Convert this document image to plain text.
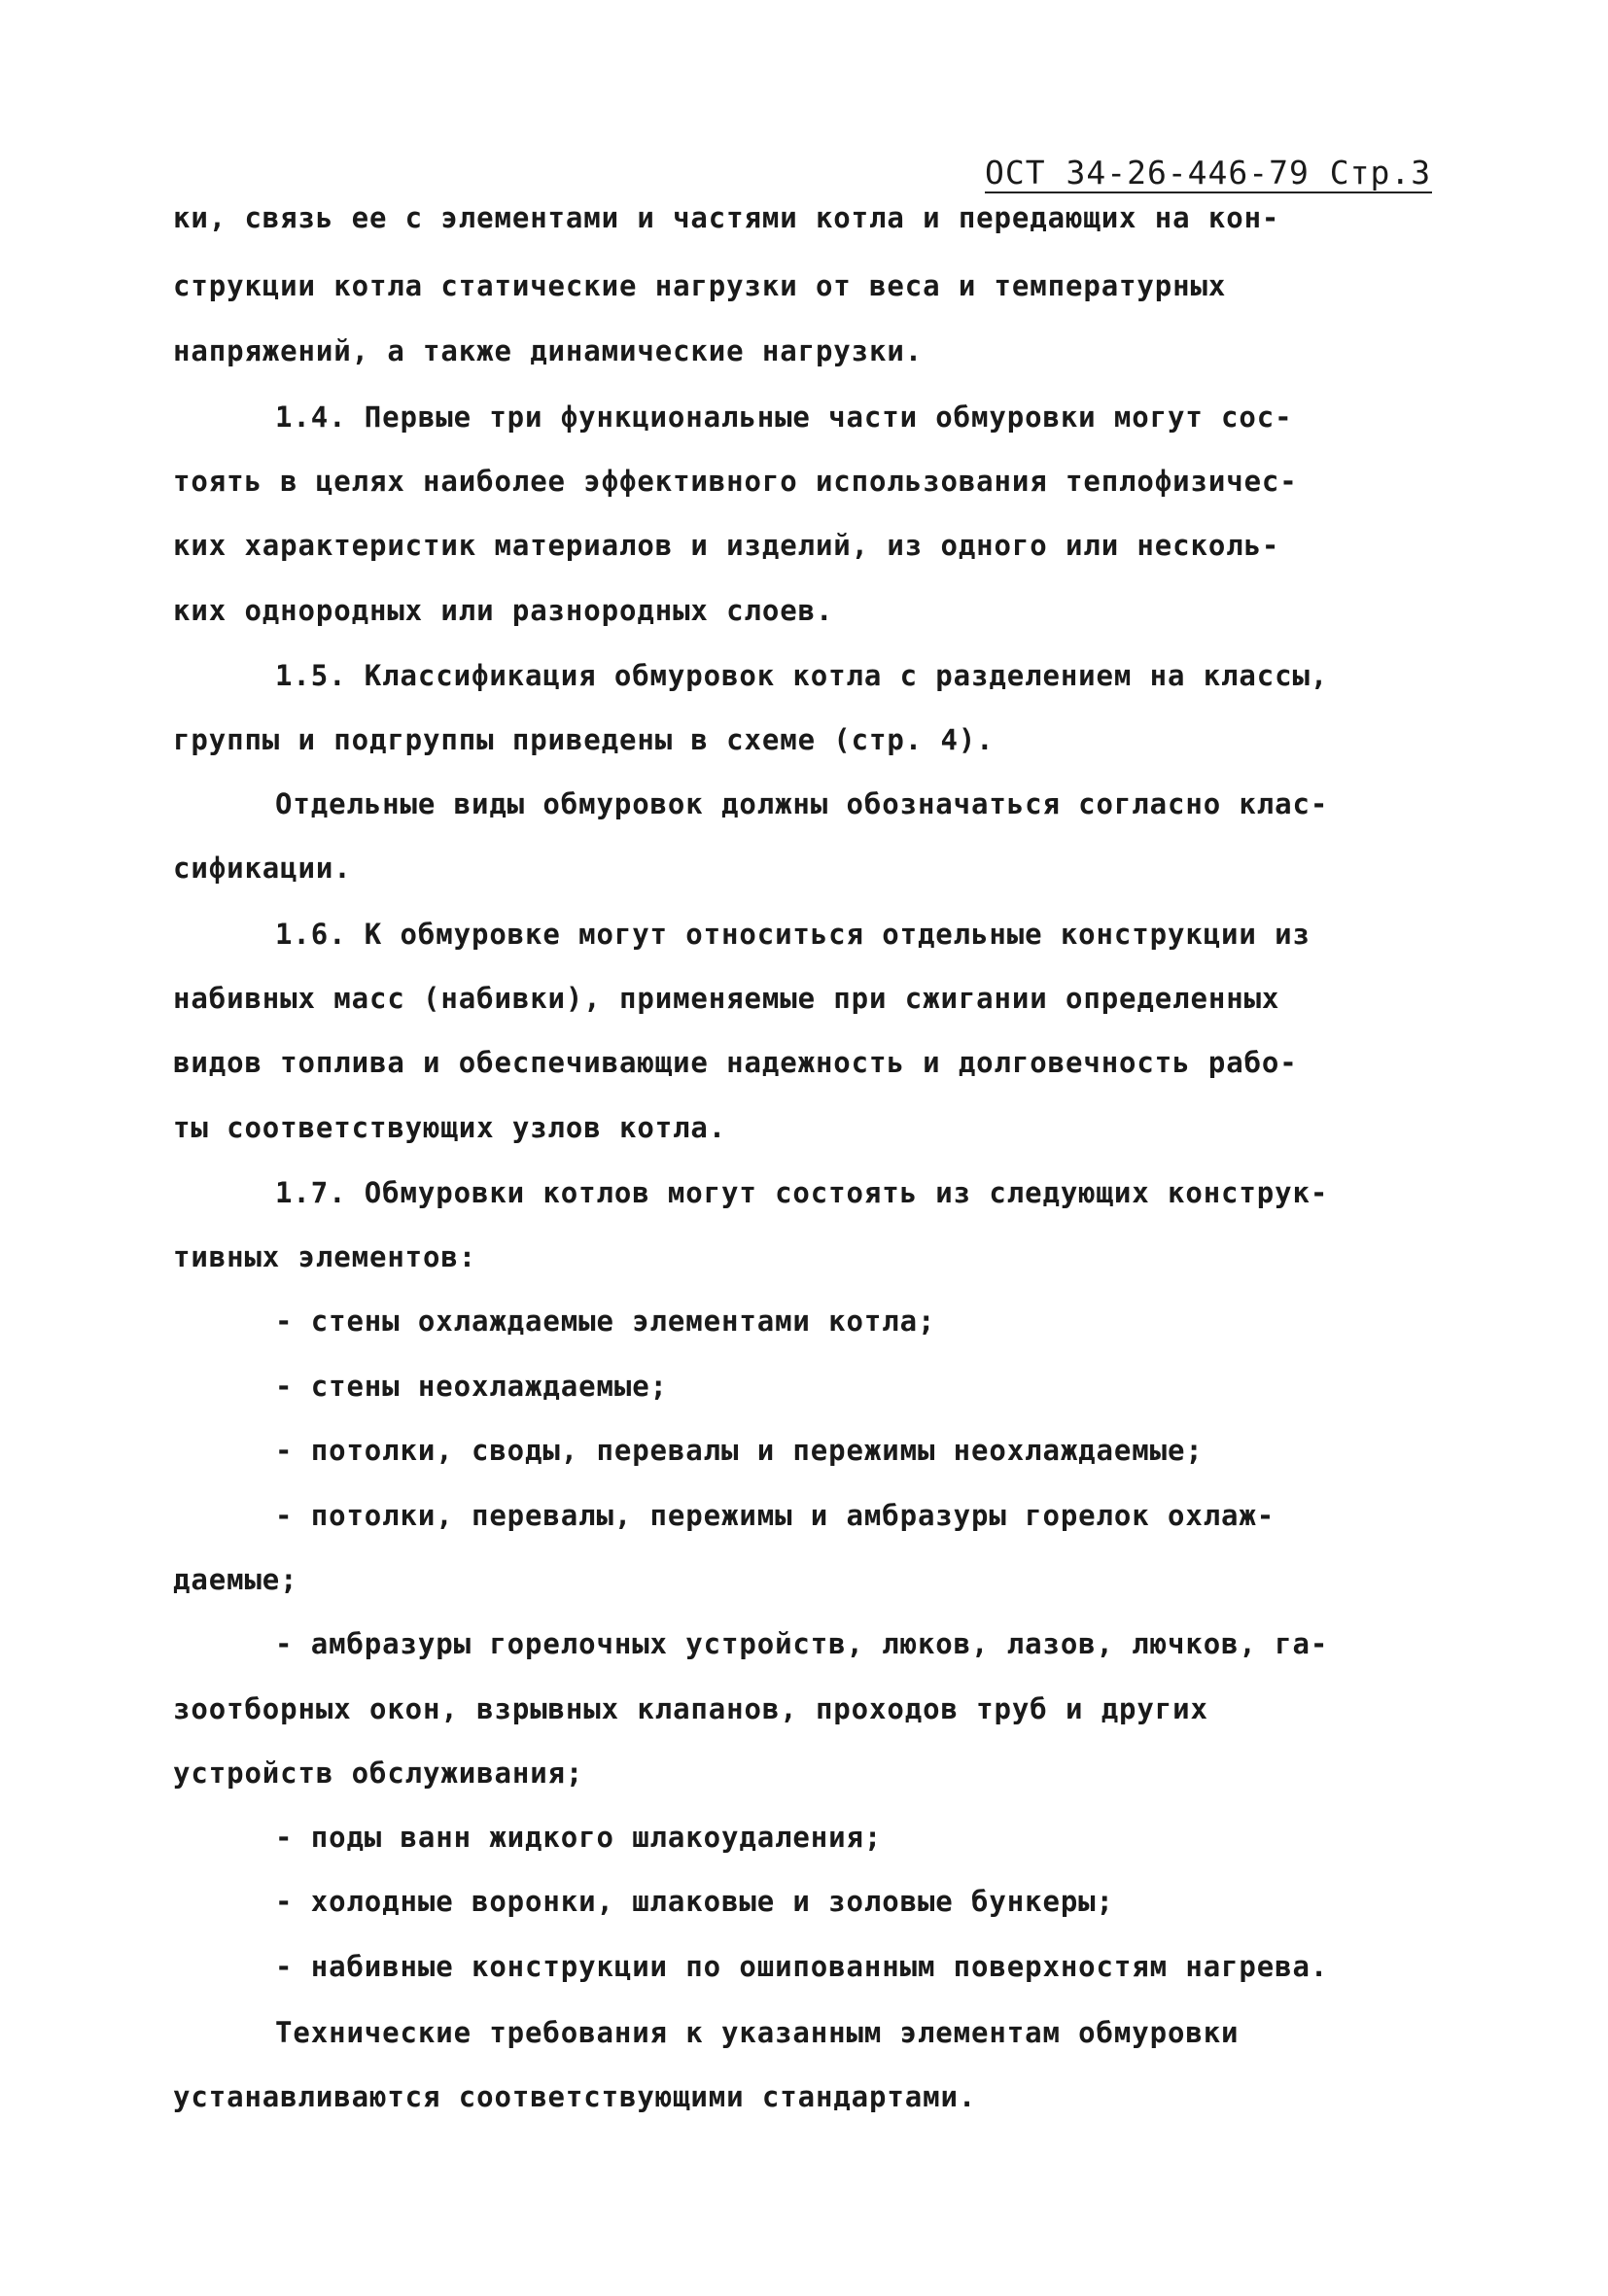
ОСТ 34-26-446-79 Стр.3
ки, связь ее с элементами и частями котла и передающих на кон-
струкции котла статические нагрузки от веса и температурных
напряжений, а также динамические нагрузки.
1.4. Первые три функциональные части обмуровки могут сос-
тоять в целях наиболее эффективного использования теплофизичес-
ких характеристик материалов и изделий, из одного или несколь-
ких однородных или разнородных слоев.
1.5. Классификация обмуровок котла с разделением на классы,
группы и подгруппы приведены в схеме (стр. 4).
Отдельные виды обмуровок должны обозначаться согласно клас-
сификации.
1.6. К обмуровке могут относиться отдельные конструкции из
набивных масс (набивки), применяемые при сжигании определенных
видов топлива и обеспечивающие надежность и долговечность рабо-
ты соответствующих узлов котла.
1.7. Обмуровки котлов могут состоять из следующих конструк-
тивных элементов:
- стены охлаждаемые элементами котла;
- стены неохлаждаемые;
- потолки, своды, перевалы и пережимы неохлаждаемые;
- потолки, перевалы, пережимы и амбразуры горелок охлаж-
даемые;
- амбразуры горелочных устройств, люков, лазов, лючков, га-
зоотборных окон, взрывных клапанов, проходов труб и других
устройств обслуживания;
- поды ванн жидкого шлакоудаления;
- холодные воронки, шлаковые и золовые бункеры;
- набивные конструкции по ошипованным поверхностям нагрева.
Технические требования к указанным элементам обмуровки
устанавливаются соответствующими стандартами.
